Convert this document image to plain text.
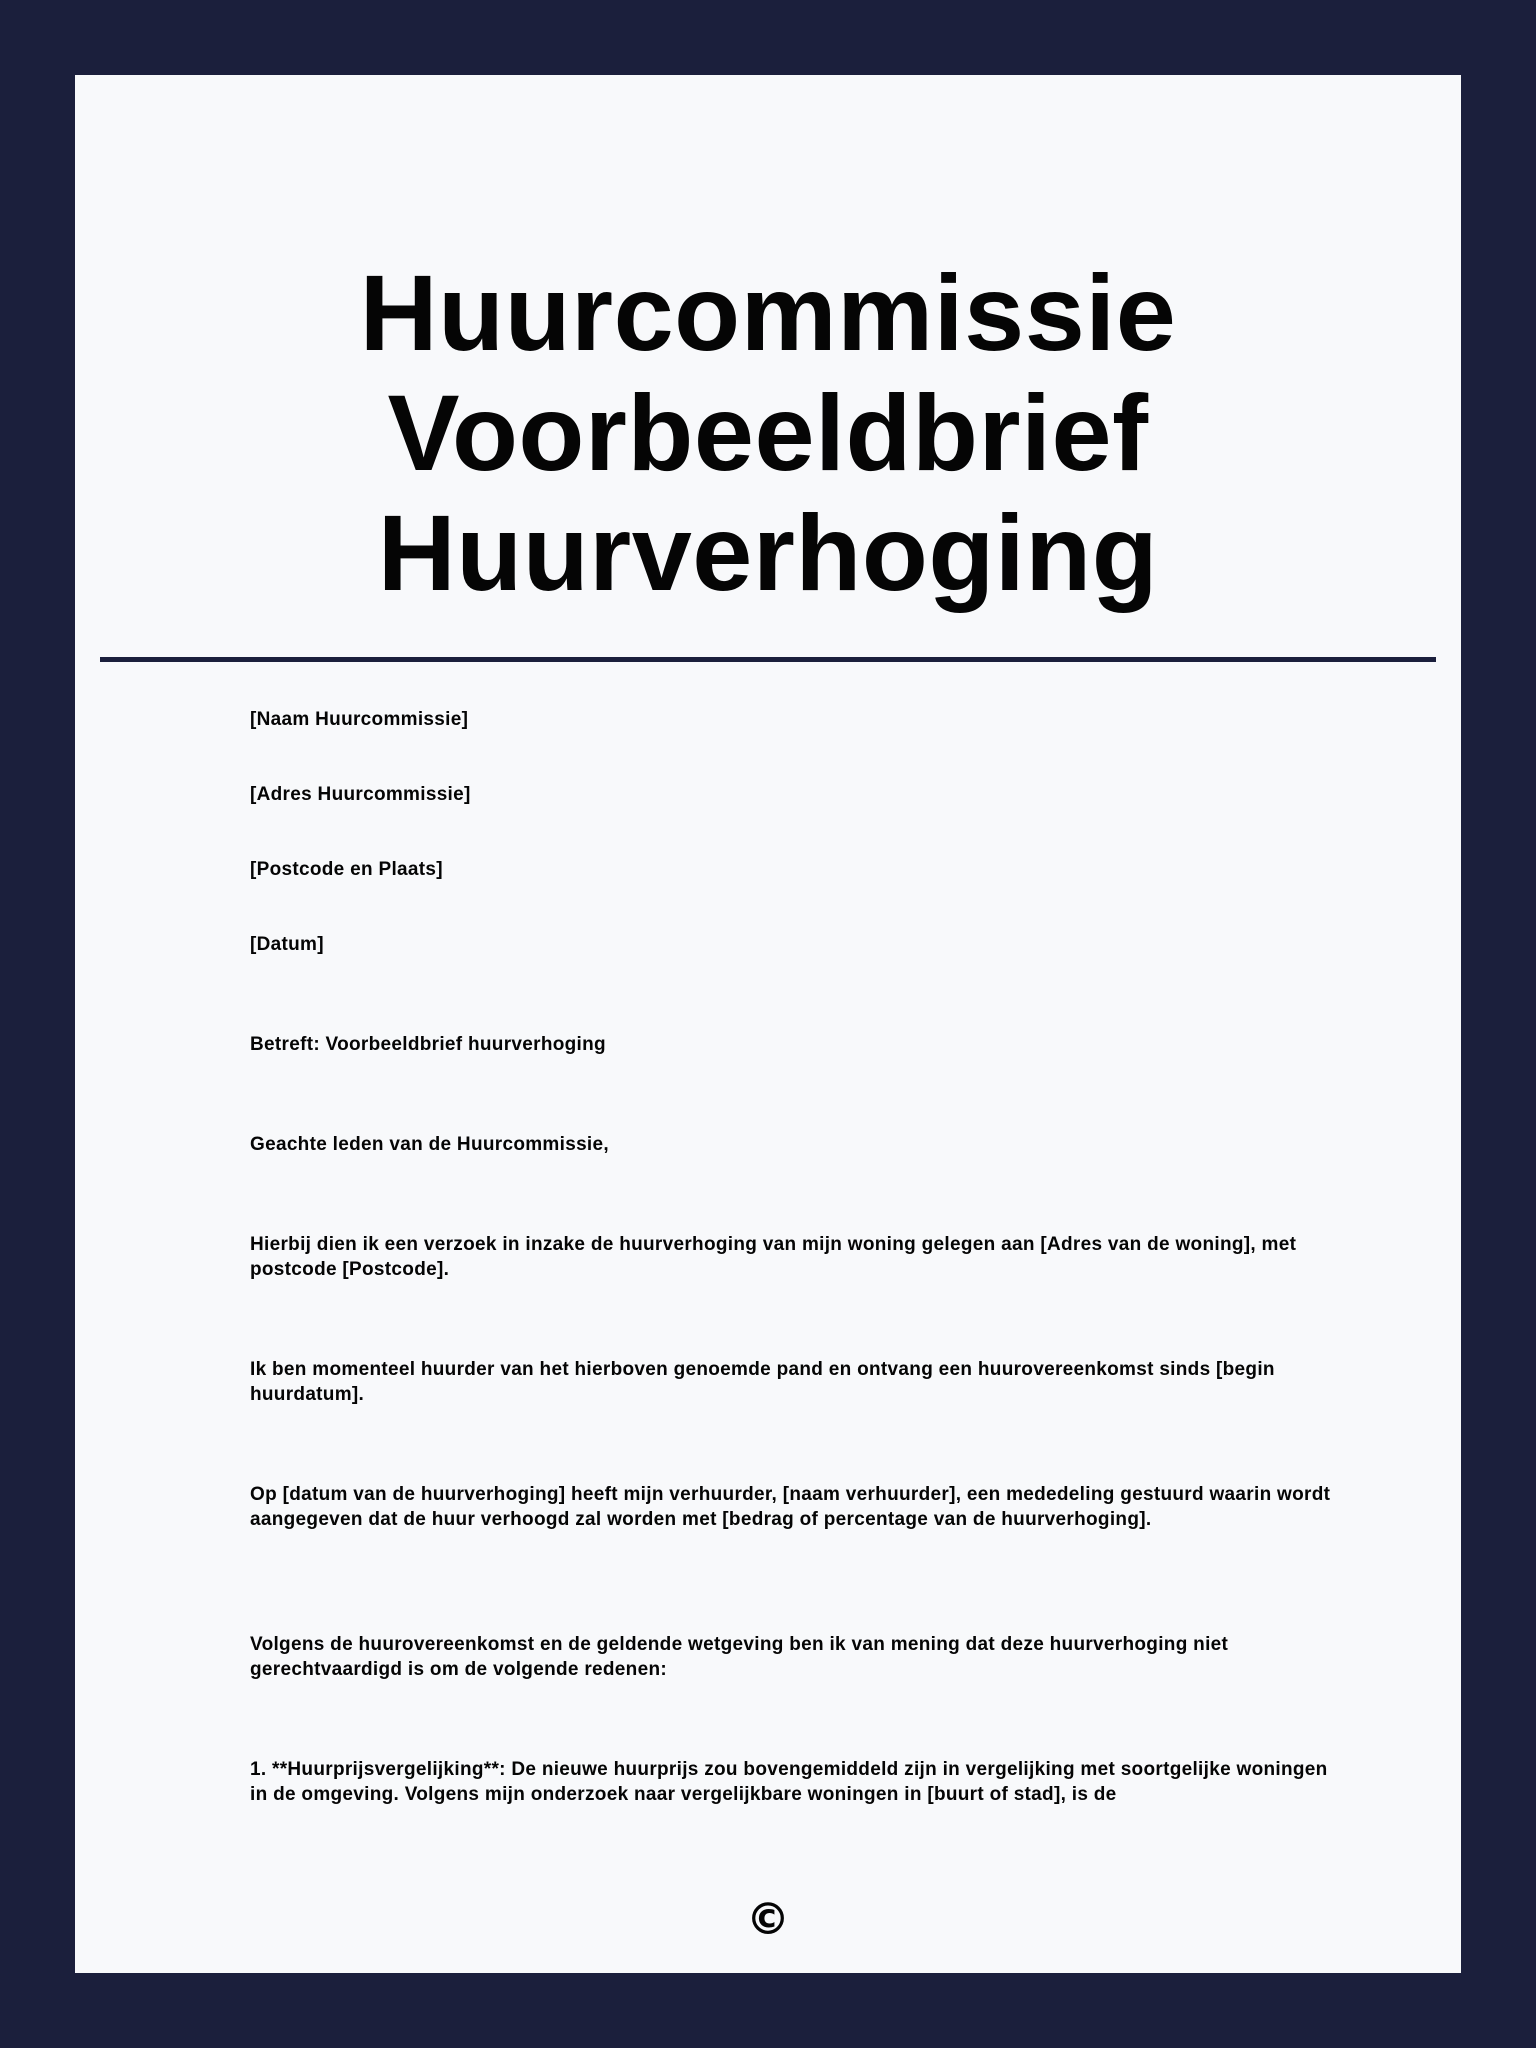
Huurcommissie
Voorbeeldbrief
Huurverhoging

[Naam Huurcommissie]

[Adres Huurcommissie]

[Postcode en Plaats]

[Datum]

Betreft: Voorbeeldbrief huurverhoging

Geachte leden van de Huurcommissie,

Hierbij dien ik een verzoek in inzake de huurverhoging van mijn woning gelegen aan [Adres van de woning], met postcode [Postcode].

Ik ben momenteel huurder van het hierboven genoemde pand en ontvang een huurovereenkomst sinds [begin huurdatum].

Op [datum van de huurverhoging] heeft mijn verhuurder, [naam verhuurder], een mededeling gestuurd waarin wordt aangegeven dat de huur verhoogd zal worden met [bedrag of percentage van de huurverhoging].

Volgens de huurovereenkomst en de geldende wetgeving ben ik van mening dat deze huurverhoging niet gerechtvaardigd is om de volgende redenen:

1. **Huurprijsvergelijking**: De nieuwe huurprijs zou bovengemiddeld zijn in vergelijking met soortgelijke woningen in de omgeving. Volgens mijn onderzoek naar vergelijkbare woningen in [buurt of stad], is de

©
